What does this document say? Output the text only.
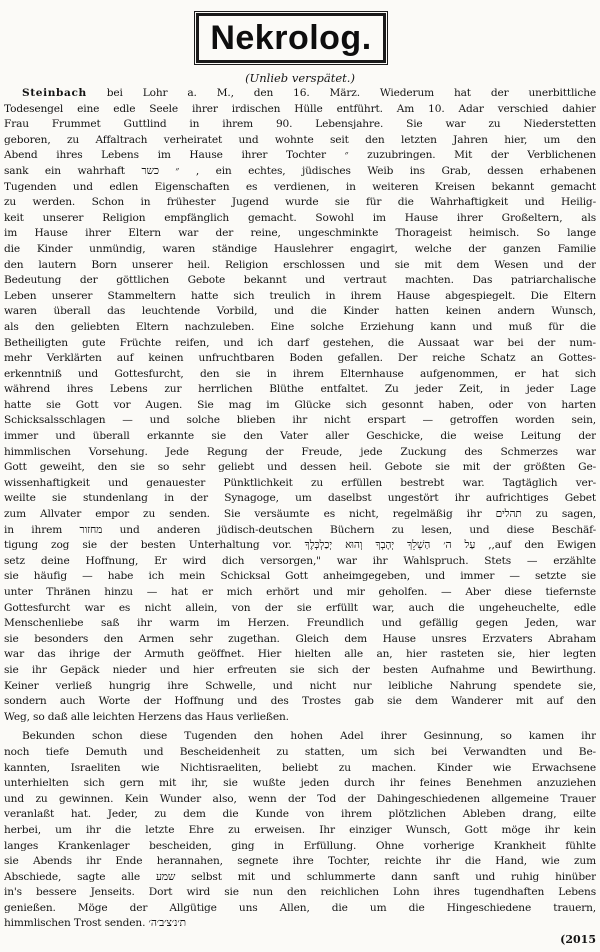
Nekrolog.
(Unlieb verspätet.)
Steinbach bei Lohr a. M., den 16. März. Wiederum hat der unerbittliche
Todesengel eine edle Seele ihrer irdischen Hülle entführt. Am 10. Adar verschied dahier
Frau Frummet Guttlind in ihrem 90. Lebensjahre. Sie war zu Niederstetten
geboren, zu Affaltrach verheiratet und wohnte seit den letzten Jahren hier, um den
Abend ihres Lebens im Hause ihrer Tochter ״ zuzubringen. Mit der Verblichenen
sank ein wahrhaft ״ כשר , ein echtes, jüdisches Weib ins Grab, dessen erhabenen
Tugenden und edlen Eigenschaften es verdienen, in weiteren Kreisen bekannt gemacht
zu werden. Schon in frühester Jugend wurde sie für die Wahrhaftigkeit und Heilig-
keit unserer Religion empfänglich gemacht. Sowohl im Hause ihrer Großeltern, als
im Hause ihrer Eltern war der reine, ungeschminkte Thorageist heimisch. So lange
die Kinder unmündig, waren ständige Hauslehrer engagirt, welche der ganzen Familie
den lautern Born unserer heil. Religion erschlossen und sie mit dem Wesen und der
Bedeutung der göttlichen Gebote bekannt und vertraut machten. Das patriarchalische
Leben unserer Stammeltern hatte sich treulich in ihrem Hause abgespiegelt. Die Eltern
waren überall das leuchtende Vorbild, und die Kinder hatten keinen andern Wunsch,
als den geliebten Eltern nachzuleben. Eine solche Erziehung kann und muß für die
Betheiligten gute Früchte reifen, und ich darf gestehen, die Aussaat war bei der num-
mehr Verklärten auf keinen unfruchtbaren Boden gefallen. Der reiche Schatz an Gottes-
erkenntniß und Gottesfurcht, den sie in ihrem Elternhause aufgenommen, er hat sich
während ihres Lebens zur herrlichen Blüthe entfaltet. Zu jeder Zeit, in jeder Lage
hatte sie Gott vor Augen. Sie mag im Glücke sich gesonnt haben, oder von harten
Schicksalsschlagen — und solche blieben ihr nicht erspart — getroffen worden sein,
immer und überall erkannte sie den Vater aller Geschicke, die weise Leitung der
himmlischen Vorsehung. Jede Regung der Freude, jede Zuckung des Schmerzes war
Gott geweiht, den sie so sehr geliebt und dessen heil. Gebote sie mit der größten Ge-
wissenhaftigkeit und genauester Pünktlichkeit zu erfüllen bestrebt war. Tagtäglich ver-
weilte sie stundenlang in der Synagoge, um daselbst ungestört ihr aufrichtiges Gebet
zum Allvater empor zu senden. Sie versäumte es nicht, regelmäßig ihr תהלים zu sagen,
in ihrem מחזור und anderen jüdisch-deutschen Büchern zu lesen, und diese Beschäf-
tigung zog sie der besten Unterhaltung vor. עַל ה׳ הַשְׁלֵךְ יְהָבְךָ וְהוּא יְכַלְכְּלֶךָ ,,auf den Ewigen
setz deine Hoffnung, Er wird dich versorgen," war ihr Wahlspruch. Stets — erzählte
sie häufig — habe ich mein Schicksal Gott anheimgegeben, und immer — setzte sie
unter Thränen hinzu — hat er mich erhört und mir geholfen. — Aber diese tiefernste
Gottesfurcht war es nicht allein, von der sie erfüllt war, auch die ungeheuchelte, edle
Menschenliebe saß ihr warm im Herzen. Freundlich und gefällig gegen Jeden, war
sie besonders den Armen sehr zugethan. Gleich dem Hause unsres Erzvaters Abraham
war das ihrige der Armuth geöffnet. Hier hielten alle an, hier rasteten sie, hier legten
sie ihr Gepäck nieder und hier erfreuten sie sich der besten Aufnahme und Bewirthung.
Keiner verließ hungrig ihre Schwelle, und nicht nur leibliche Nahrung spendete sie,
sondern auch Worte der Hoffnung und des Trostes gab sie dem Wanderer mit auf den
Weg, so daß alle leichten Herzens das Haus verließen.
Bekunden schon diese Tugenden den hohen Adel ihrer Gesinnung, so kamen ihr
noch tiefe Demuth und Bescheidenheit zu statten, um sich bei Verwandten und Be-
kannten, Israeliten wie Nichtisraeliten, beliebt zu machen. Kinder wie Erwachsene
unterhielten sich gern mit ihr, sie wußte jeden durch ihr feines Benehmen anzuziehen
und zu gewinnen. Kein Wunder also, wenn der Tod der Dahingeschiedenen allgemeine Trauer
veranlaßt hat. Jeder, zu dem die Kunde von ihrem plötzlichen Ableben drang, eilte
herbei, um ihr die letzte Ehre zu erweisen. Ihr einziger Wunsch, Gott möge ihr kein
langes Krankenlager bescheiden, ging in Erfüllung. Ohne vorherige Krankheit fühlte
sie Abends ihr Ende herannahen, segnete ihre Tochter, reichte ihr die Hand, wie zum
Abschiede, sagte alle שמע selbst mit und schlummerte dann sanft und ruhig hinüber
in's bessere Jenseits. Dort wird sie nun den reichlichen Lohn ihres tugendhaften Lebens
genießen. Möge der Allgütige uns Allen, die um die Hingeschiedene trauern,
himmlischen Trost senden. ת׳נ׳צ׳ב׳ה׳
(2015
